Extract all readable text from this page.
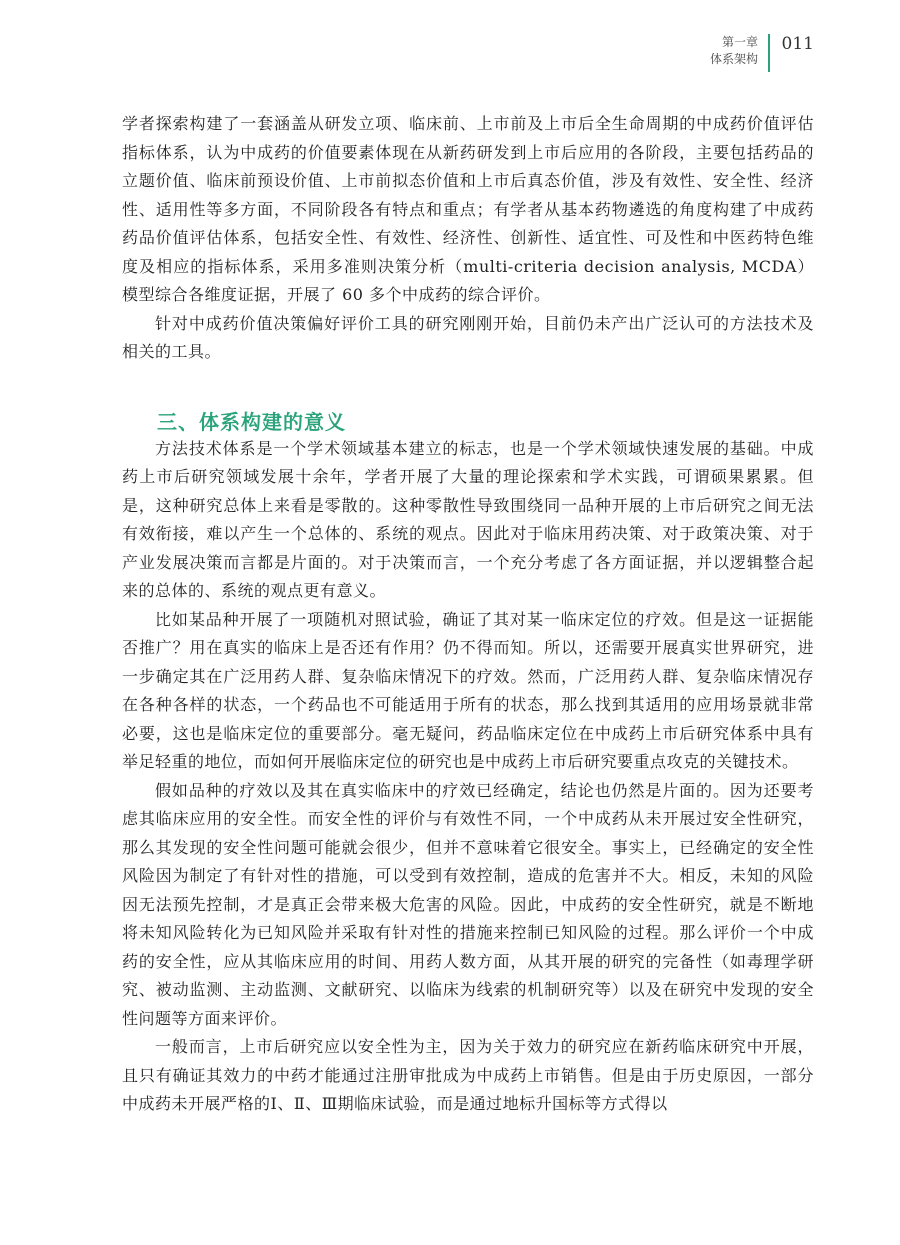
第一章
体系架构
011

学者探索构建了一套涵盖从研发立项、临床前、上市前及上市后全生命周期的中成药价值评估指标体系，认为中成药的价值要素体现在从新药研发到上市后应用的各阶段，主要包括药品的立题价值、临床前预设价值、上市前拟态价值和上市后真态价值，涉及有效性、安全性、经济性、适用性等多方面，不同阶段各有特点和重点；有学者从基本药物遴选的角度构建了中成药药品价值评估体系，包括安全性、有效性、经济性、创新性、适宜性、可及性和中医药特色维度及相应的指标体系，采用多准则决策分析（multi-criteria decision analysis, MCDA）模型综合各维度证据，开展了 60 多个中成药的综合评价。

针对中成药价值决策偏好评价工具的研究刚刚开始，目前仍未产出广泛认可的方法技术及相关的工具。

三、体系构建的意义

方法技术体系是一个学术领域基本建立的标志，也是一个学术领域快速发展的基础。中成药上市后研究领域发展十余年，学者开展了大量的理论探索和学术实践，可谓硕果累累。但是，这种研究总体上来看是零散的。这种零散性导致围绕同一品种开展的上市后研究之间无法有效衔接，难以产生一个总体的、系统的观点。因此对于临床用药决策、对于政策决策、对于产业发展决策而言都是片面的。对于决策而言，一个充分考虑了各方面证据，并以逻辑整合起来的总体的、系统的观点更有意义。

比如某品种开展了一项随机对照试验，确证了其对某一临床定位的疗效。但是这一证据能否推广？用在真实的临床上是否还有作用？仍不得而知。所以，还需要开展真实世界研究，进一步确定其在广泛用药人群、复杂临床情况下的疗效。然而，广泛用药人群、复杂临床情况存在各种各样的状态，一个药品也不可能适用于所有的状态，那么找到其适用的应用场景就非常必要，这也是临床定位的重要部分。毫无疑问，药品临床定位在中成药上市后研究体系中具有举足轻重的地位，而如何开展临床定位的研究也是中成药上市后研究要重点攻克的关键技术。

假如品种的疗效以及其在真实临床中的疗效已经确定，结论也仍然是片面的。因为还要考虑其临床应用的安全性。而安全性的评价与有效性不同，一个中成药从未开展过安全性研究，那么其发现的安全性问题可能就会很少，但并不意味着它很安全。事实上，已经确定的安全性风险因为制定了有针对性的措施，可以受到有效控制，造成的危害并不大。相反，未知的风险因无法预先控制，才是真正会带来极大危害的风险。因此，中成药的安全性研究，就是不断地将未知风险转化为已知风险并采取有针对性的措施来控制已知风险的过程。那么评价一个中成药的安全性，应从其临床应用的时间、用药人数方面，从其开展的研究的完备性（如毒理学研究、被动监测、主动监测、文献研究、以临床为线索的机制研究等）以及在研究中发现的安全性问题等方面来评价。

一般而言，上市后研究应以安全性为主，因为关于效力的研究应在新药临床研究中开展，且只有确证其效力的中药才能通过注册审批成为中成药上市销售。但是由于历史原因，一部分中成药未开展严格的Ⅰ、Ⅱ、Ⅲ期临床试验，而是通过地标升国标等方式得以
